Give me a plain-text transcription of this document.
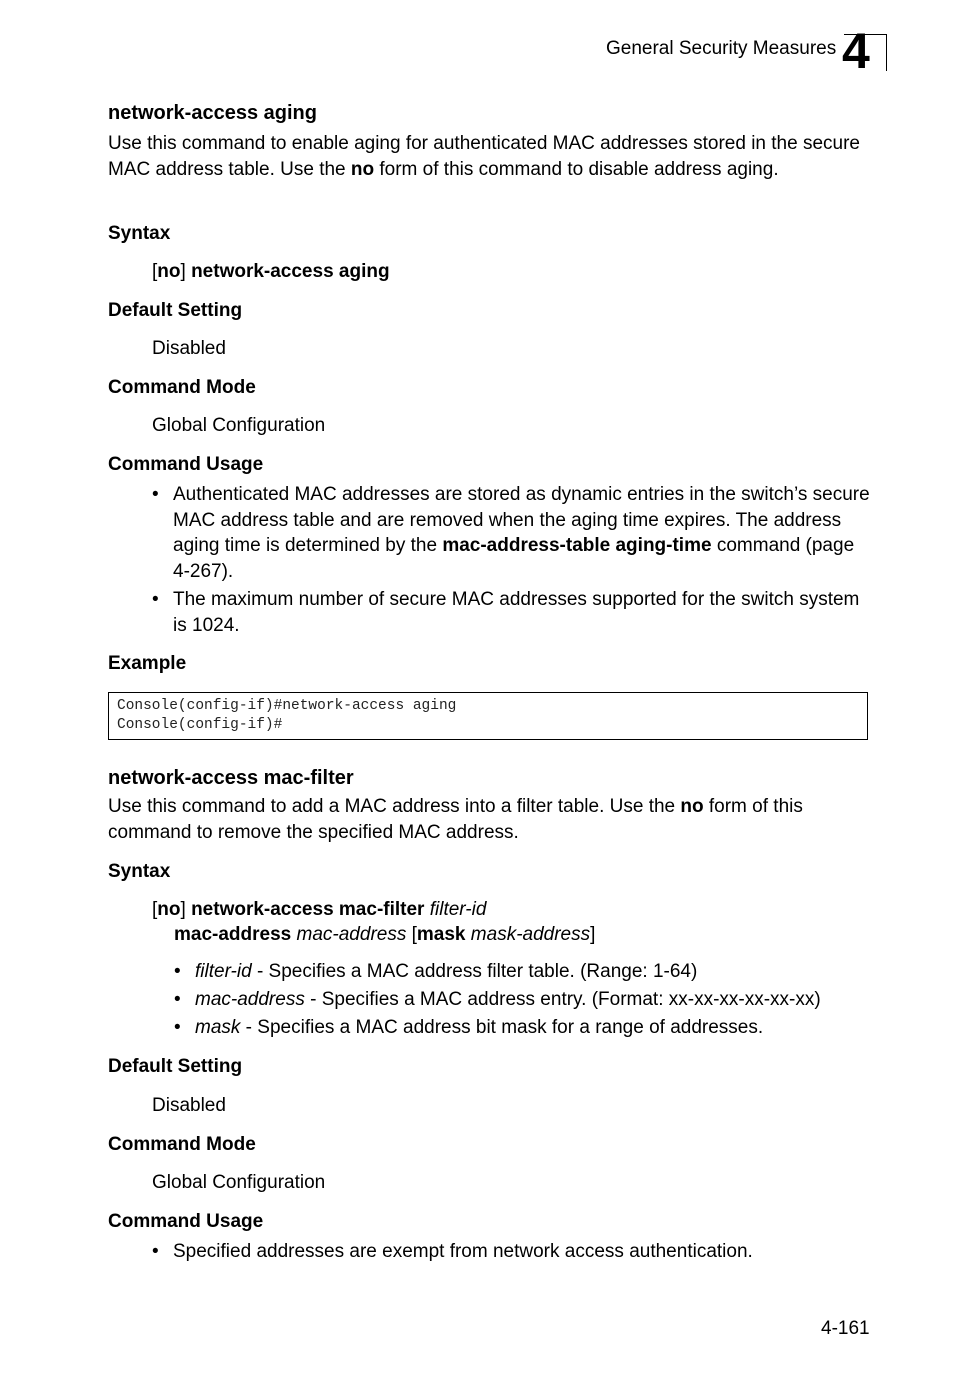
General Security Measures 4
network-access aging
Use this command to enable aging for authenticated MAC addresses stored in the secure MAC address table. Use the no form of this command to disable address aging.
Syntax
[no] network-access aging
Default Setting
Disabled
Command Mode
Global Configuration
Command Usage
• Authenticated MAC addresses are stored as dynamic entries in the switch’s secure MAC address table and are removed when the aging time expires. The address aging time is determined by the mac-address-table aging-time command (page 4-267).
• The maximum number of secure MAC addresses supported for the switch system is 1024.
Example
Console(config-if)#network-access aging
Console(config-if)#
network-access mac-filter
Use this command to add a MAC address into a filter table. Use the no form of this command to remove the specified MAC address.
Syntax
[no] network-access mac-filter filter-id
mac-address mac-address [mask mask-address]
• filter-id - Specifies a MAC address filter table. (Range: 1-64)
• mac-address - Specifies a MAC address entry. (Format: xx-xx-xx-xx-xx-xx)
• mask - Specifies a MAC address bit mask for a range of addresses.
Default Setting
Disabled
Command Mode
Global Configuration
Command Usage
• Specified addresses are exempt from network access authentication.
4-161
